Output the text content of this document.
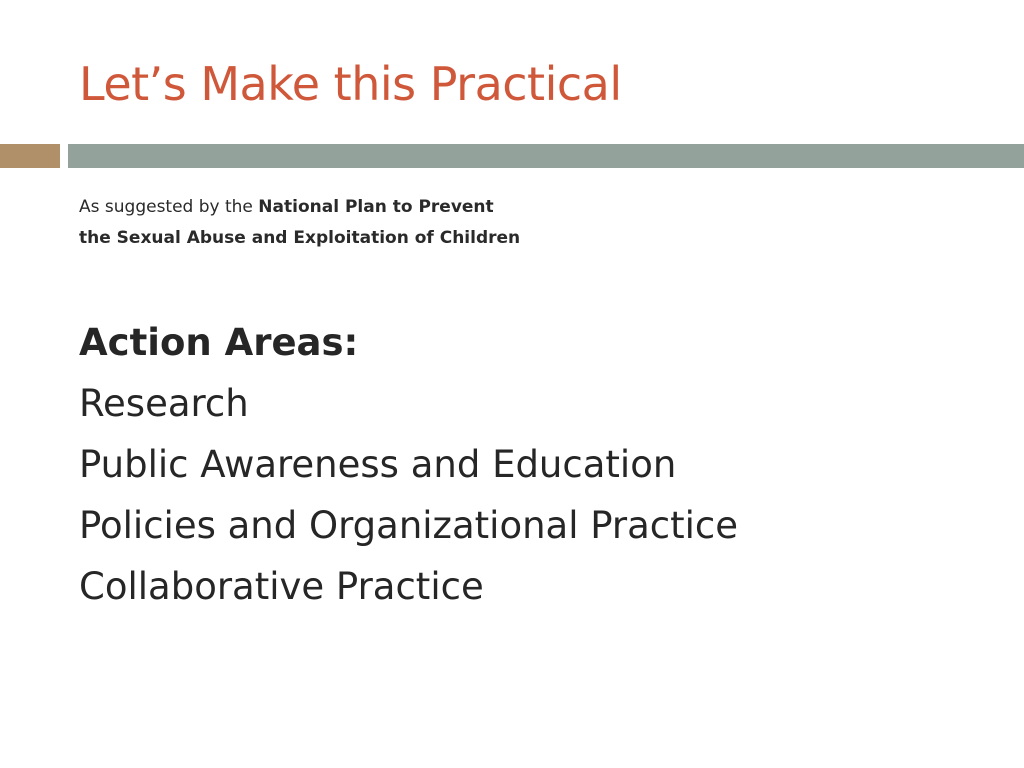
Let’s Make this Practical

As suggested by the National Plan to Prevent
the Sexual Abuse and Exploitation of Children

Action Areas:
Research
Public Awareness and Education
Policies and Organizational Practice
Collaborative Practice
